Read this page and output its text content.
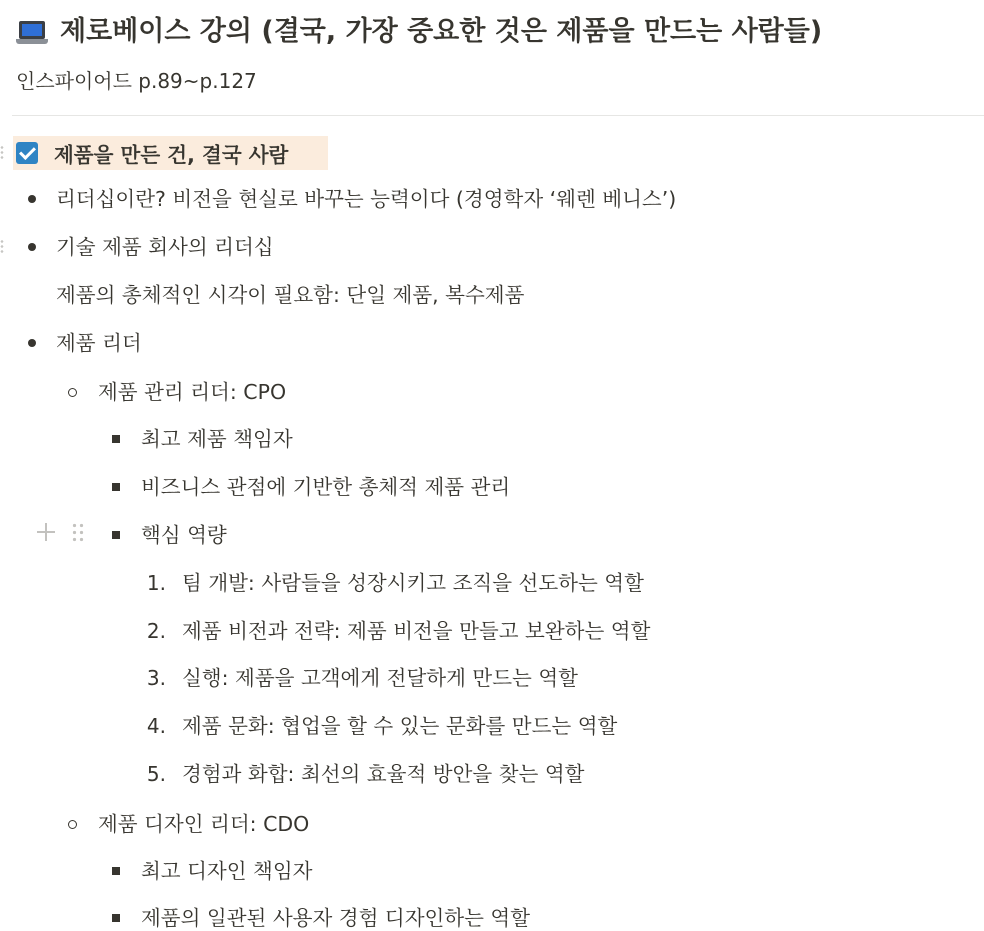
제로베이스 강의 (결국, 가장 중요한 것은 제품을 만드는 사람들)
인스파이어드 p.89~p.127
제품을 만든 건, 결국 사람
리더십이란? 비전을 현실로 바꾸는 능력이다 (경영학자 ‘웨렌 베니스’)
기술 제품 회사의 리더십
제품의 총체적인 시각이 필요함: 단일 제품, 복수제품
제품 리더
제품 관리 리더: CPO
최고 제품 책임자
비즈니스 관점에 기반한 총체적 제품 관리
핵심 역량
1. 팀 개발: 사람들을 성장시키고 조직을 선도하는 역할
2. 제품 비전과 전략: 제품 비전을 만들고 보완하는 역할
3. 실행: 제품을 고객에게 전달하게 만드는 역할
4. 제품 문화: 협업을 할 수 있는 문화를 만드는 역할
5. 경험과 화합: 최선의 효율적 방안을 찾는 역할
제품 디자인 리더: CDO
최고 디자인 책임자
제품의 일관된 사용자 경험 디자인하는 역할
